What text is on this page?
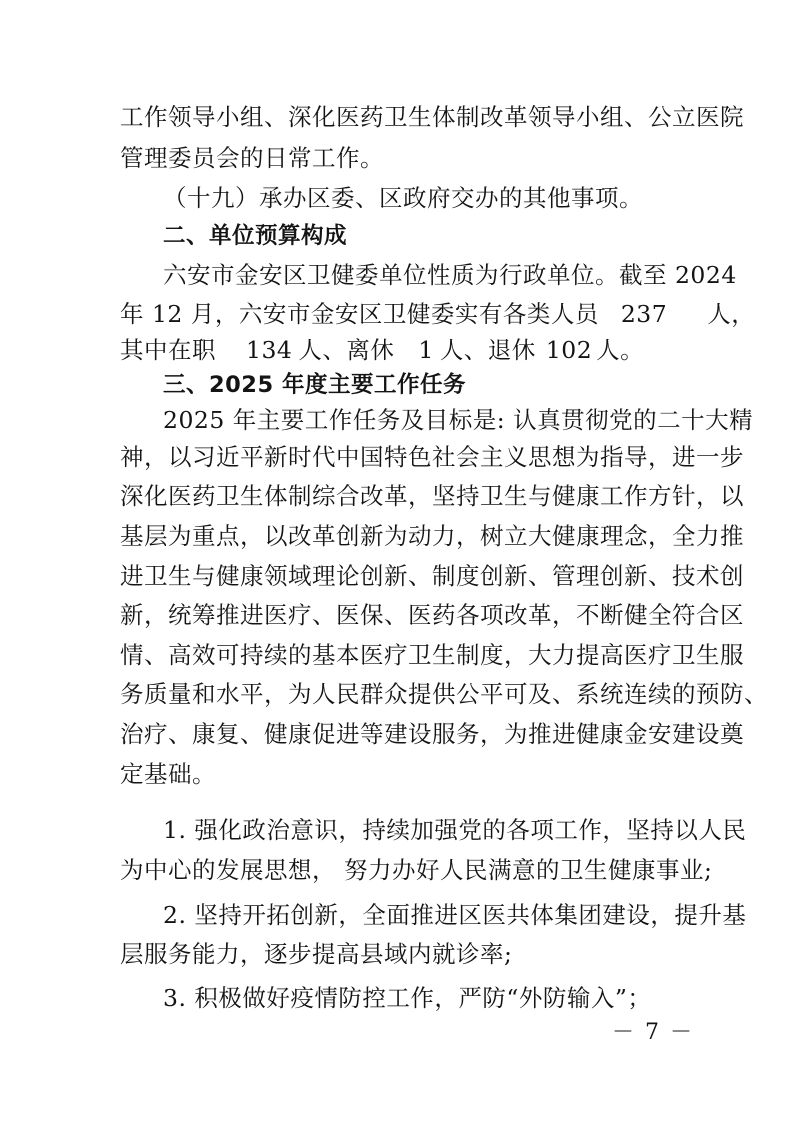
工作领导小组、深化医药卫生体制改革领导小组、公立医院
管理委员会的日常工作。
（十九）承办区委、区政府交办的其他事项。
二、单位预算构成
六安市金安区卫健委单位性质为行政单位。截至 2024
年 12 月，六安市金安区卫健委实有各类人员 237 人，
其中在职 134 人、离休 1 人、退休 102 人。
三、2025 年度主要工作任务
2025 年主要工作任务及目标是: 认真贯彻党的二十大精
神，以习近平新时代中国特色社会主义思想为指导，进一步
深化医药卫生体制综合改革，坚持卫生与健康工作方针，以
基层为重点，以改革创新为动力，树立大健康理念，全力推
进卫生与健康领域理论创新、制度创新、管理创新、技术创
新，统筹推进医疗、医保、医药各项改革，不断健全符合区
情、高效可持续的基本医疗卫生制度，大力提高医疗卫生服
务质量和水平，为人民群众提供公平可及、系统连续的预防、
治疗、康复、健康促进等建设服务，为推进健康金安建设奠
定基础。
1. 强化政治意识，持续加强党的各项工作，坚持以人民
为中心的发展思想， 努力办好人民满意的卫生健康事业;
2. 坚持开拓创新，全面推进区医共体集团建设，提升基
层服务能力，逐步提高县域内就诊率;
3. 积极做好疫情防控工作，严防“外防输入”；
－ 7 －
